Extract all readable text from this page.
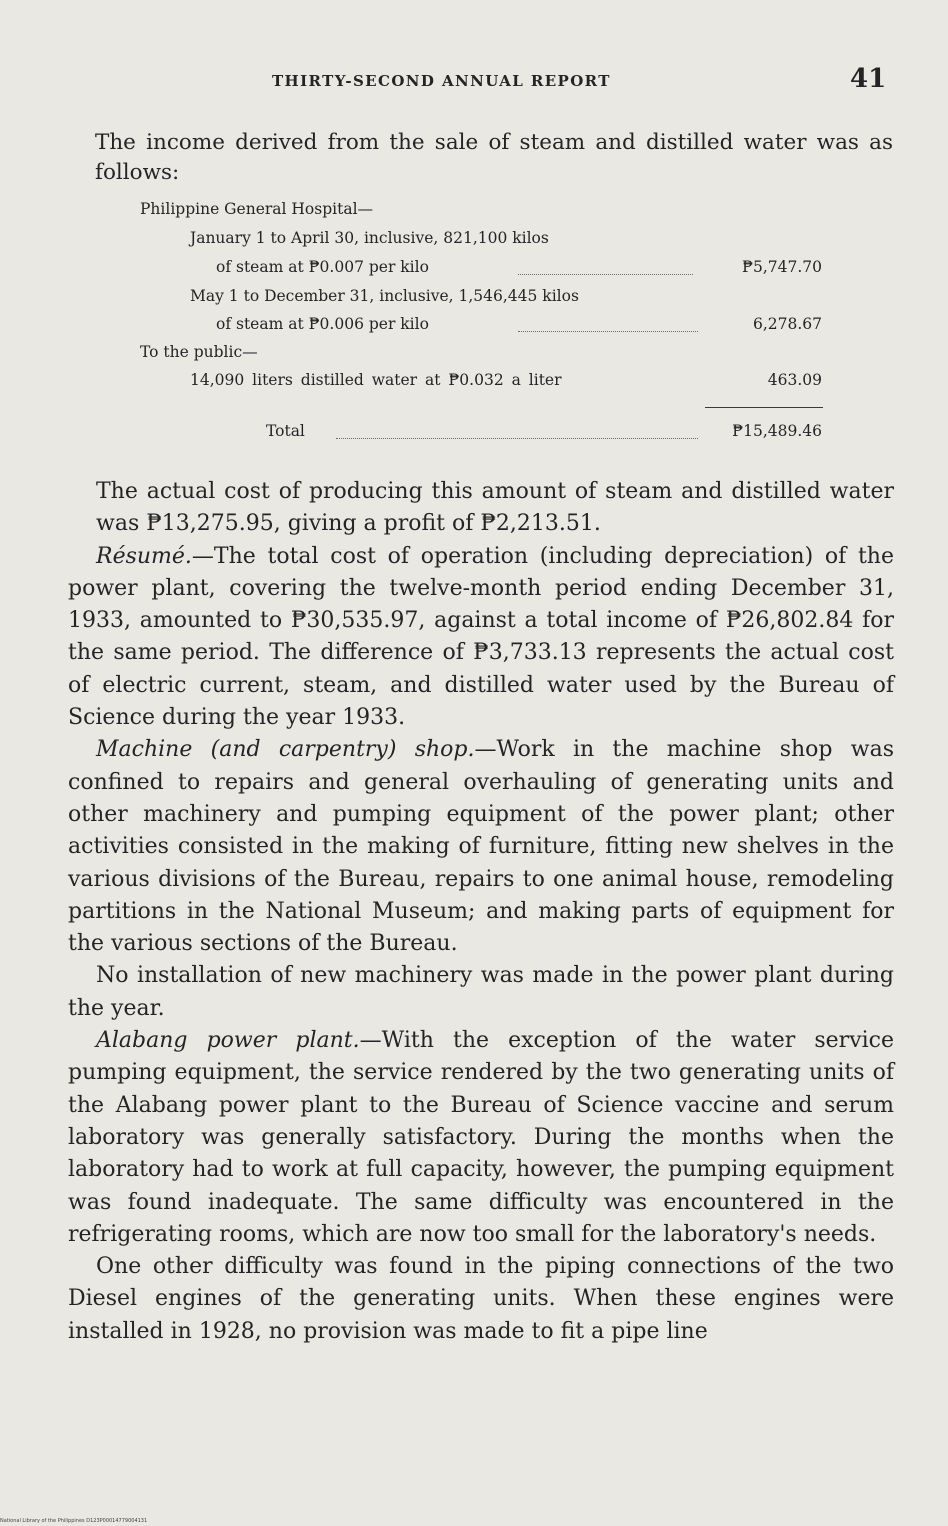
THIRTY-SECOND ANNUAL REPORT	41

The income derived from the sale of steam and distilled water was as follows:

Philippine General Hospital—
January 1 to April 30, inclusive, 821,100 kilos
of steam at ₱0.007 per kilo	₱5,747.70
May 1 to December 31, inclusive, 1,546,445 kilos
of steam at ₱0.006 per kilo	6,278.67
To the public—
14,090 liters distilled water at ₱0.032 a liter	463.09
Total	₱15,489.46

The actual cost of producing this amount of steam and distilled water was ₱13,275.95, giving a profit of ₱2,213.51.

Résumé.—The total cost of operation (including depreciation) of the power plant, covering the twelve-month period ending December 31, 1933, amounted to ₱30,535.97, against a total income of ₱26,802.84 for the same period. The difference of ₱3,733.13 represents the actual cost of electric current, steam, and distilled water used by the Bureau of Science during the year 1933.

Machine (and carpentry) shop.—Work in the machine shop was confined to repairs and general overhauling of generating units and other machinery and pumping equipment of the power plant; other activities consisted in the making of furniture, fitting new shelves in the various divisions of the Bureau, repairs to one animal house, remodeling partitions in the National Museum; and making parts of equipment for the various sections of the Bureau.

No installation of new machinery was made in the power plant during the year.

Alabang power plant.—With the exception of the water service pumping equipment, the service rendered by the two generating units of the Alabang power plant to the Bureau of Science vaccine and serum laboratory was generally satisfactory. During the months when the laboratory had to work at full capacity, however, the pumping equipment was found inadequate. The same difficulty was encountered in the refrigerating rooms, which are now too small for the laboratory's needs.

One other difficulty was found in the piping connections of the two Diesel engines of the generating units. When these engines were installed in 1928, no provision was made to fit a pipe line

National Library of the Philippines D123P00014779004131
